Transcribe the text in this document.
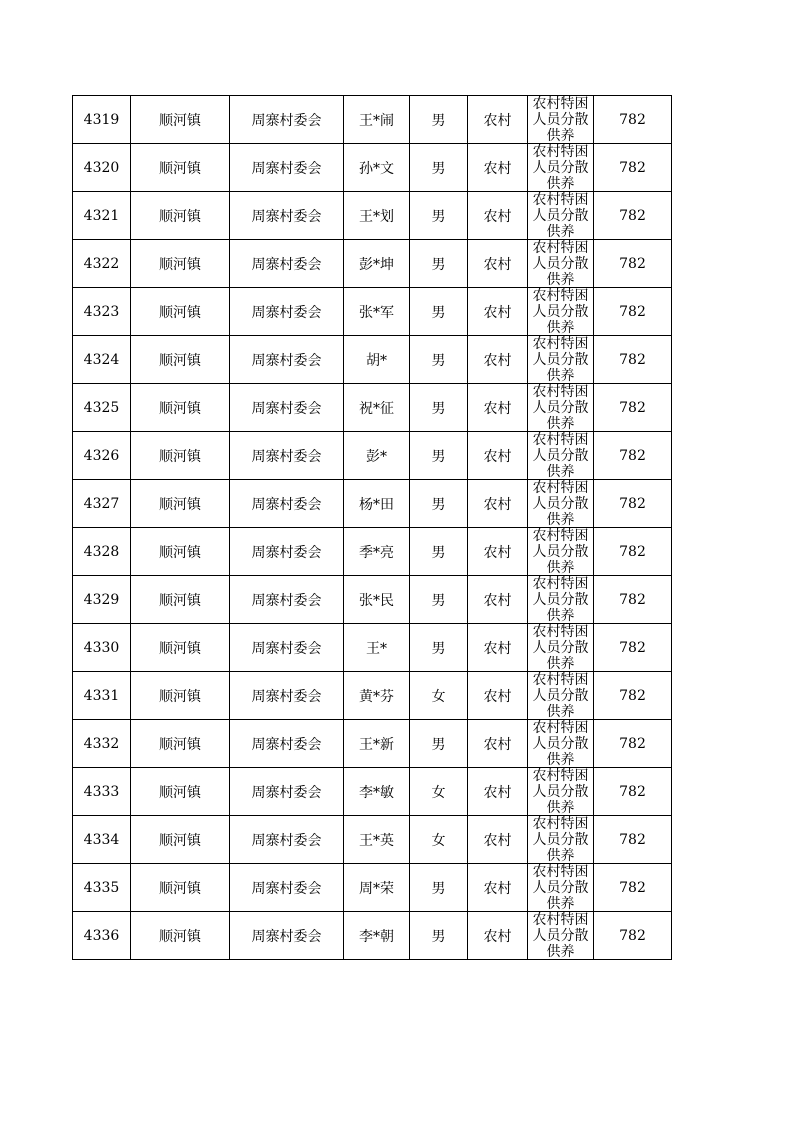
4319	顺河镇	周寨村委会	王*闹	男	农村	农村特困人员分散供养	782
4320	顺河镇	周寨村委会	孙*文	男	农村	农村特困人员分散供养	782
4321	顺河镇	周寨村委会	王*划	男	农村	农村特困人员分散供养	782
4322	顺河镇	周寨村委会	彭*坤	男	农村	农村特困人员分散供养	782
4323	顺河镇	周寨村委会	张*军	男	农村	农村特困人员分散供养	782
4324	顺河镇	周寨村委会	胡*	男	农村	农村特困人员分散供养	782
4325	顺河镇	周寨村委会	祝*征	男	农村	农村特困人员分散供养	782
4326	顺河镇	周寨村委会	彭*	男	农村	农村特困人员分散供养	782
4327	顺河镇	周寨村委会	杨*田	男	农村	农村特困人员分散供养	782
4328	顺河镇	周寨村委会	季*亮	男	农村	农村特困人员分散供养	782
4329	顺河镇	周寨村委会	张*民	男	农村	农村特困人员分散供养	782
4330	顺河镇	周寨村委会	王*	男	农村	农村特困人员分散供养	782
4331	顺河镇	周寨村委会	黄*芬	女	农村	农村特困人员分散供养	782
4332	顺河镇	周寨村委会	王*新	男	农村	农村特困人员分散供养	782
4333	顺河镇	周寨村委会	李*敏	女	农村	农村特困人员分散供养	782
4334	顺河镇	周寨村委会	王*英	女	农村	农村特困人员分散供养	782
4335	顺河镇	周寨村委会	周*荣	男	农村	农村特困人员分散供养	782
4336	顺河镇	周寨村委会	李*朝	男	农村	农村特困人员分散供养	782
